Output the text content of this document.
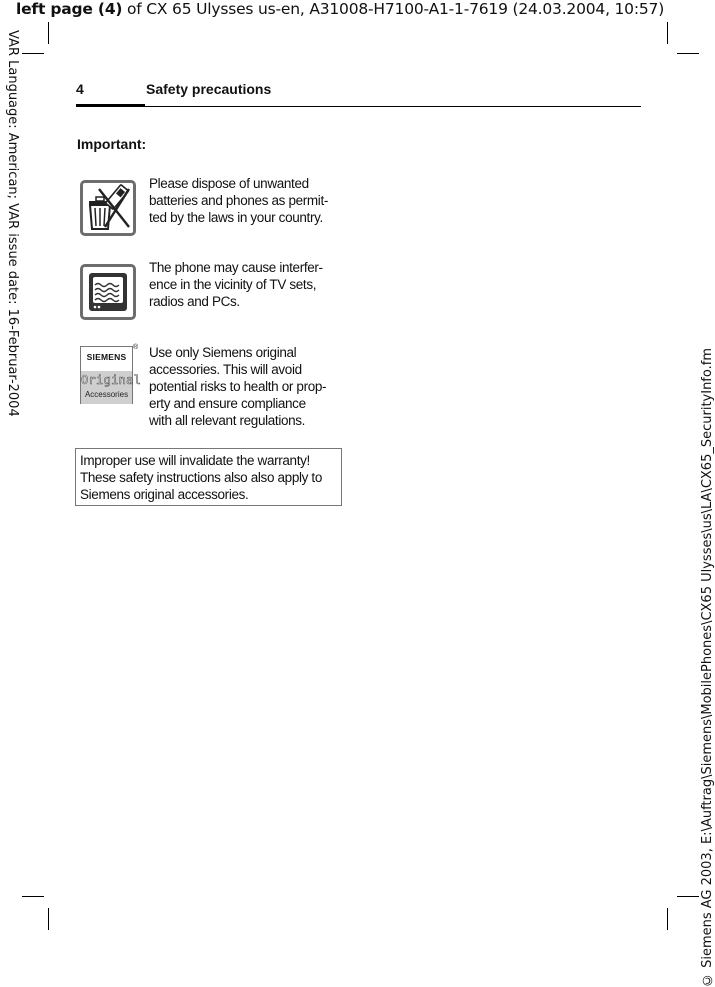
left page (4) of CX 65 Ulysses us-en, A31008-H7100-A1-1-7619 (24.03.2004, 10:57)
VAR Language: American; VAR issue date: 16-Februar-2004
© Siemens AG 2003, E:\Auftrag\Siemens\MobilePhones\CX65 Ulysses\us\LA\CX65_SecurityInfo.fm
4	Safety precautions
Important:
Please dispose of unwanted
batteries and phones as permit-
ted by the laws in your country.
The phone may cause interfer-
ence in the vicinity of TV sets,
radios and PCs.
SIEMENS
Original
Accessories
® Use only Siemens original
accessories. This will avoid
potential risks to health or prop-
erty and ensure compliance
with all relevant regulations.
Improper use will invalidate the warranty!
These safety instructions also also apply to
Siemens original accessories.
